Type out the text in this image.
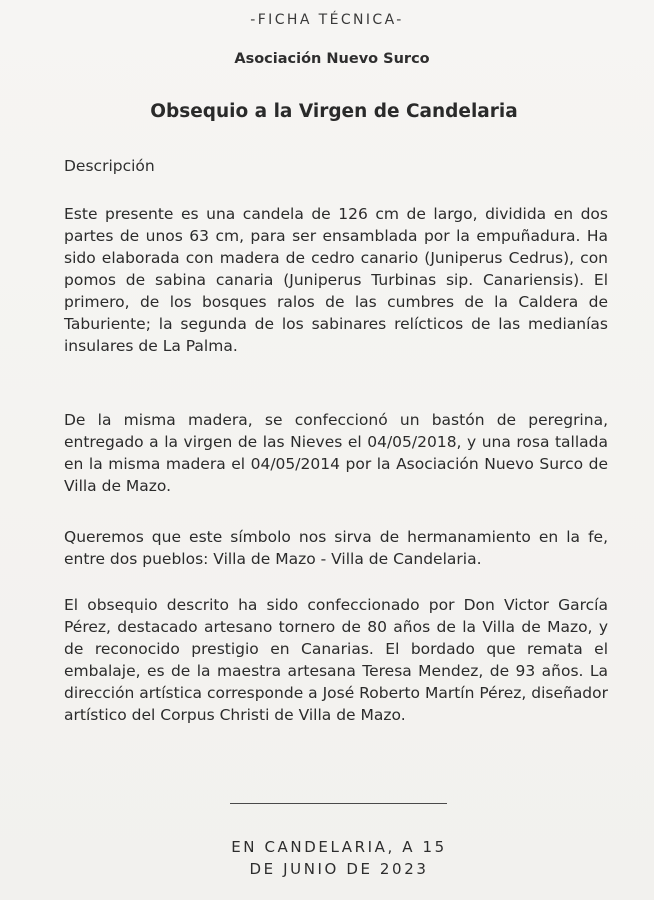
-FICHA TÉCNICA-
Asociación Nuevo Surco
Obsequio a la Virgen de Candelaria
Descripción

Este presente es una candela de 126 cm de largo, dividida en dos partes de unos 63 cm, para ser ensamblada por la empuñadura. Ha sido elaborada con madera de cedro canario (Juniperus Cedrus), con pomos de sabina canaria (Juniperus Turbinas sip. Canariensis). El primero, de los bosques ralos de las cumbres de la Caldera de Taburiente; la segunda de los sabinares relícticos de las medianías insulares de La Palma.

De la misma madera, se confeccionó un bastón de peregrina, entregado a la virgen de las Nieves el 04/05/2018, y una rosa tallada en la misma madera el 04/05/2014 por la Asociación Nuevo Surco de Villa de Mazo.

Queremos que este símbolo nos sirva de hermanamiento en la fe, entre dos pueblos: Villa de Mazo - Villa de Candelaria.

El obsequio descrito ha sido confeccionado por Don Victor García Pérez, destacado artesano tornero de 80 años de la Villa de Mazo, y de reconocido prestigio en Canarias. El bordado que remata el embalaje, es de la maestra artesana Teresa Mendez, de 93 años. La dirección artística corresponde a José Roberto Martín Pérez, diseñador artístico del Corpus Christi de Villa de Mazo.

EN CANDELARIA, A 15
DE JUNIO DE 2023
